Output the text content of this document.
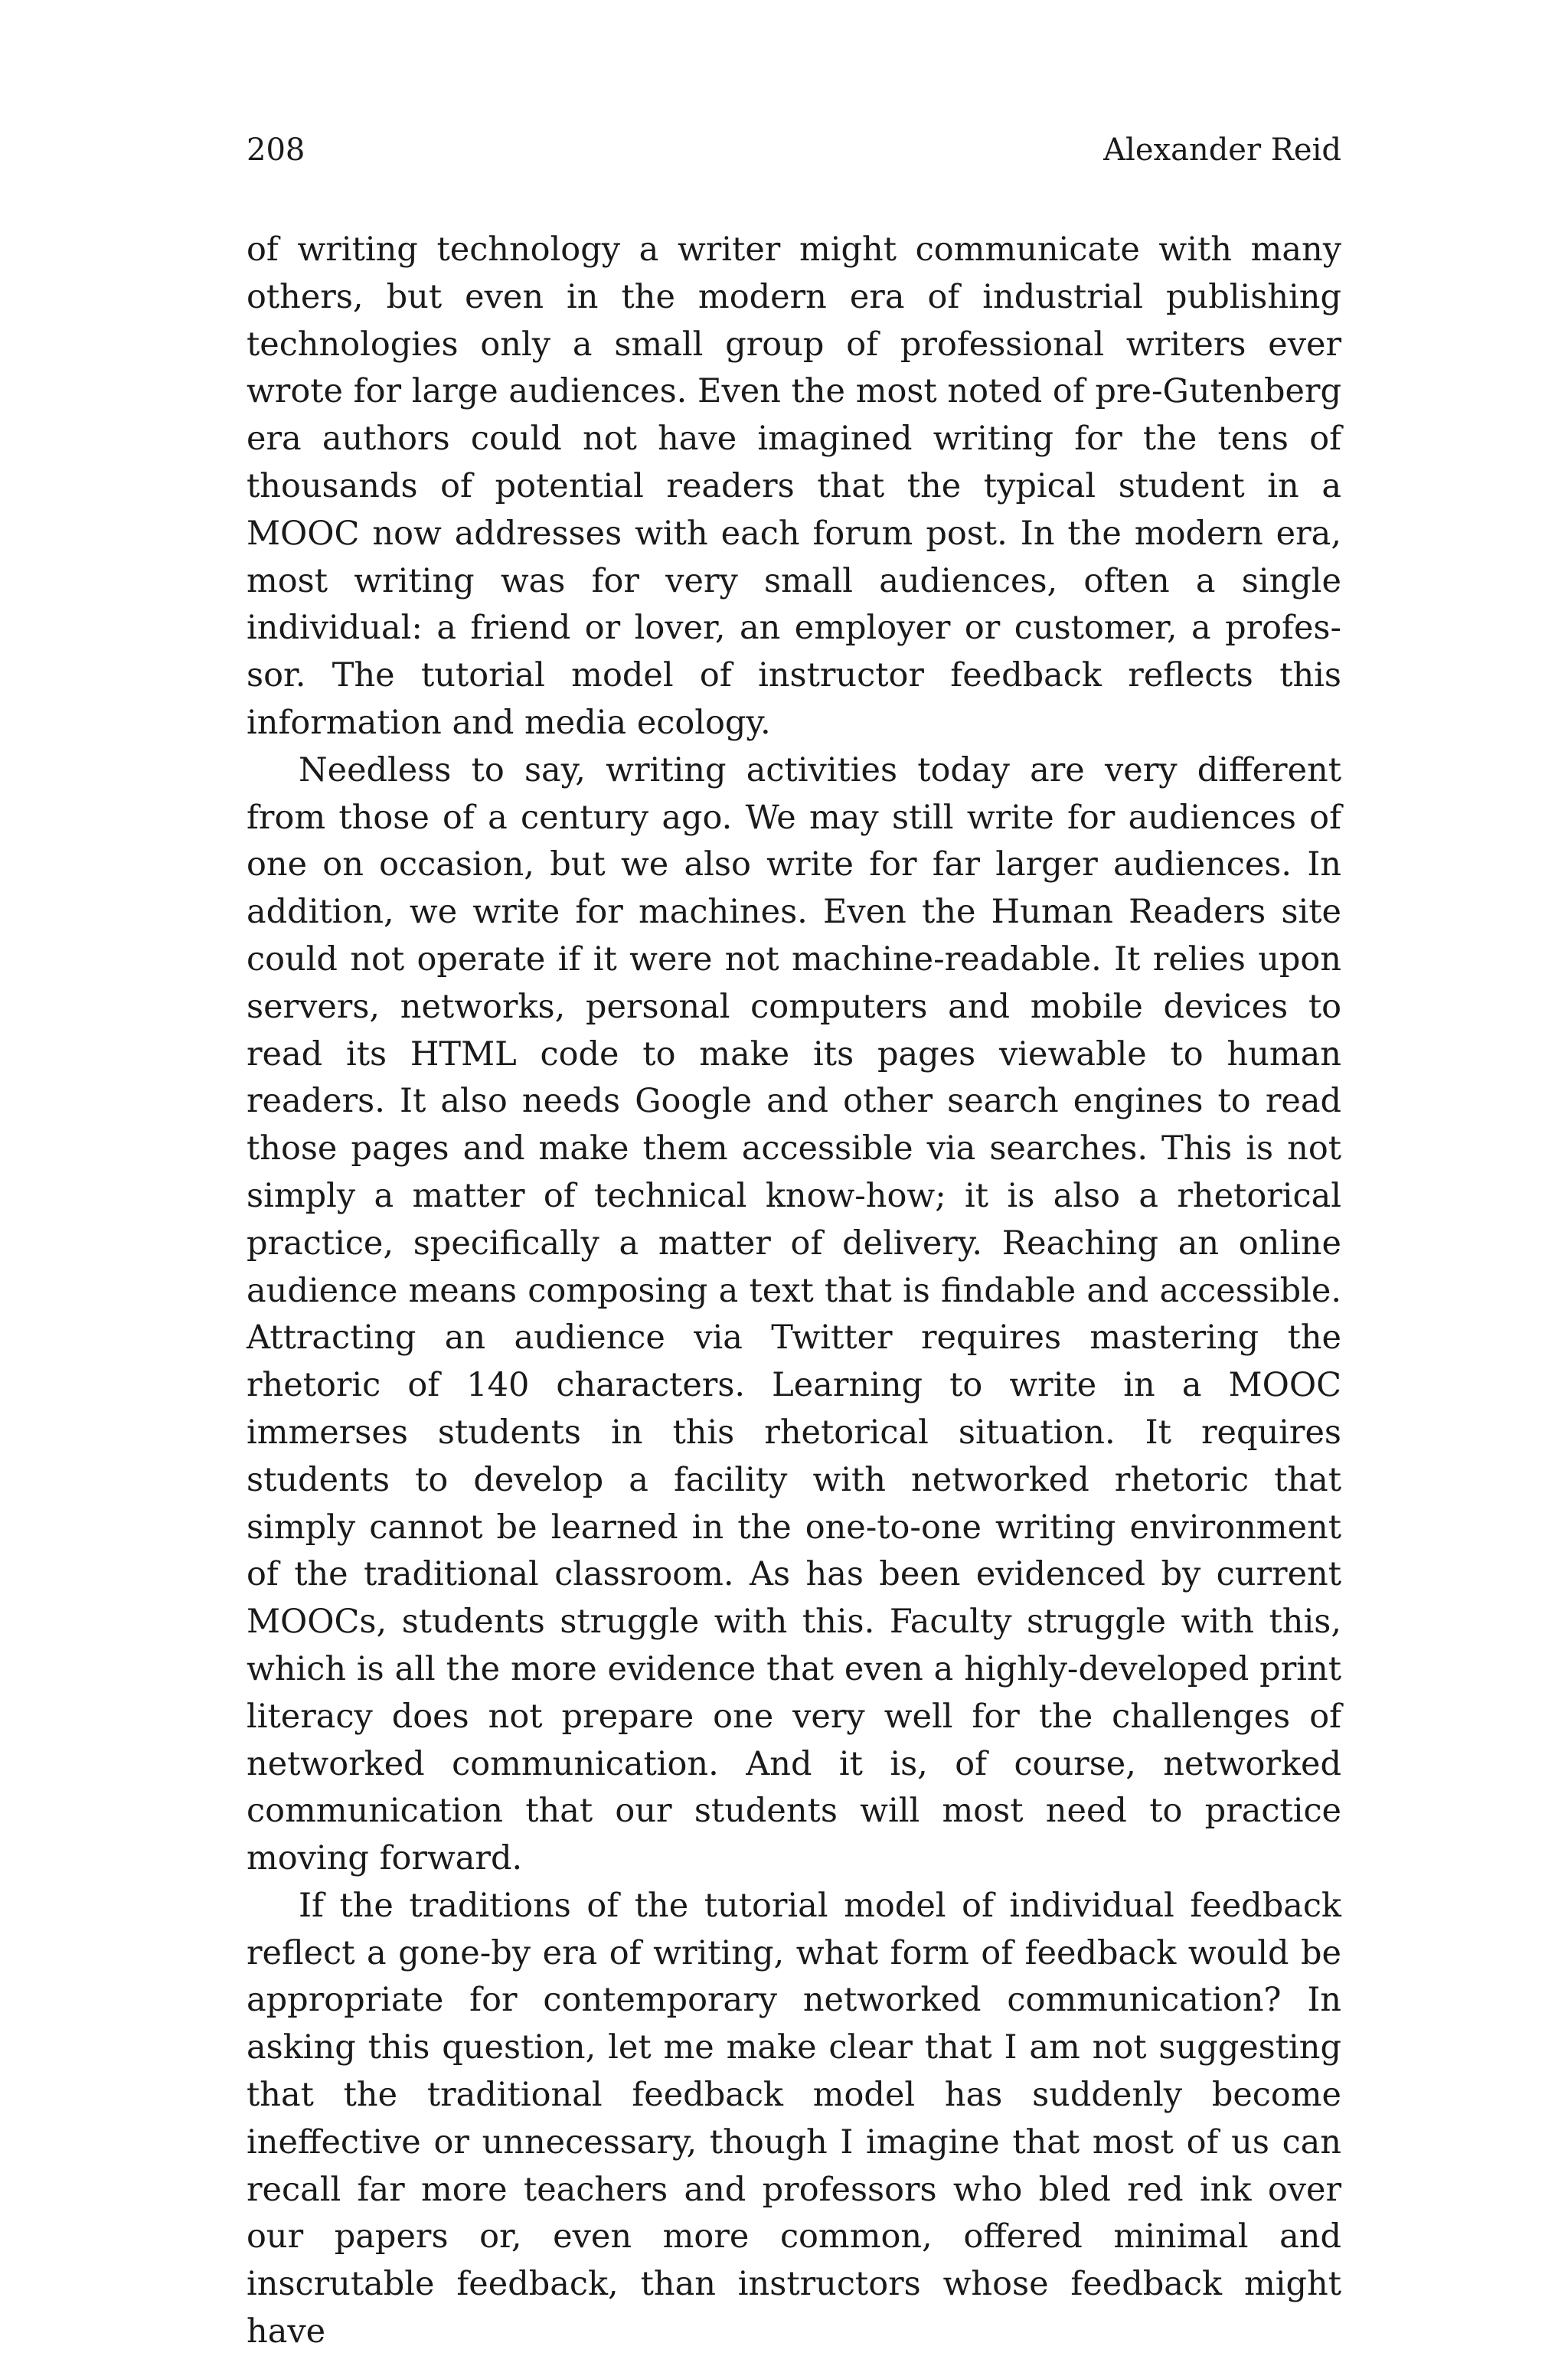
208	Alexander Reid

of writing technology a writer might communicate with many others, but even in the modern era of industrial publishing technologies only a small group of professional writers ever wrote for large audiences. Even the most noted of pre-Gutenberg era authors could not have imagined writing for the tens of thousands of potential readers that the typical student in a MOOC now addresses with each forum post. In the modern era, most writing was for very small audiences, often a single individual: a friend or lover, an employer or customer, a professor. The tutorial model of instructor feedback reflects this information and media ecology.

Needless to say, writing activities today are very different from those of a century ago. We may still write for audiences of one on occasion, but we also write for far larger audiences. In addition, we write for machines. Even the Human Readers site could not operate if it were not machine-readable. It relies upon servers, networks, personal computers and mobile devices to read its HTML code to make its pages viewable to human readers. It also needs Google and other search engines to read those pages and make them accessible via searches. This is not simply a matter of technical know-how; it is also a rhetorical practice, specifically a matter of delivery. Reaching an online audience means composing a text that is findable and accessible. Attracting an audience via Twitter requires mastering the rhetoric of 140 characters. Learning to write in a MOOC immerses students in this rhetorical situation. It requires students to develop a facility with networked rhetoric that simply cannot be learned in the one-to-one writing environment of the traditional classroom. As has been evidenced by current MOOCs, students struggle with this. Faculty struggle with this, which is all the more evidence that even a highly-developed print literacy does not prepare one very well for the challenges of networked communication. And it is, of course, networked communication that our students will most need to practice moving forward.

If the traditions of the tutorial model of individual feedback reflect a gone-by era of writing, what form of feedback would be appropriate for contemporary networked communication? In asking this question, let me make clear that I am not suggesting that the traditional feedback model has suddenly become ineffective or unnecessary, though I imagine that most of us can recall far more teachers and professors who bled red ink over our papers or, even more common, offered minimal and inscrutable feedback, than instructors whose feedback might have
